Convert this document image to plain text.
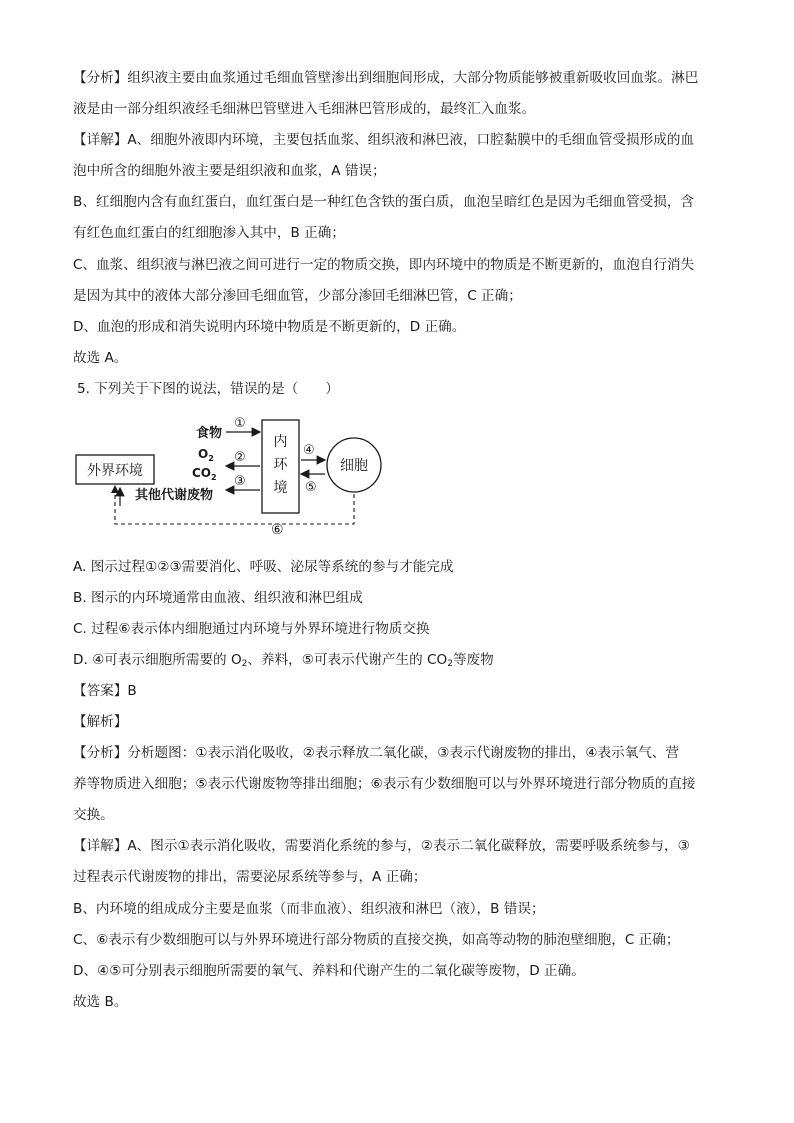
【分析】组织液主要由血浆通过毛细血管壁渗出到细胞间形成，大部分物质能够被重新吸收回血浆。淋巴
液是由一部分组织液经毛细淋巴管壁进入毛细淋巴管形成的，最终汇入血浆。
【详解】A、细胞外液即内环境，主要包括血浆、组织液和淋巴液，口腔黏膜中的毛细血管受损形成的血
泡中所含的细胞外液主要是组织液和血浆，A 错误；
B、红细胞内含有血红蛋白，血红蛋白是一种红色含铁的蛋白质，血泡呈暗红色是因为毛细血管受损，含
有红色血红蛋白的红细胞渗入其中，B 正确；
C、血浆、组织液与淋巴液之间可进行一定的物质交换，即内环境中的物质是不断更新的，血泡自行消失
是因为其中的液体大部分渗回毛细血管，少部分渗回毛细淋巴管，C 正确；
D、血泡的形成和消失说明内环境中物质是不断更新的，D 正确。
故选 A。
5. 下列关于下图的说法，错误的是（　　）
外界环境
内
环
境
细胞
食物
①
$O_2$
$CO_2$
②
③
其他代谢废物
④
⑤
⑥
A. 图示过程①②③需要消化、呼吸、泌尿等系统的参与才能完成
B. 图示的内环境通常由血液、组织液和淋巴组成
C. 过程⑥表示体内细胞通过内环境与外界环境进行物质交换
D. ④可表示细胞所需要的 $O_2$、养料，⑤可表示代谢产生的 $CO_2$等废物
【答案】B
【解析】
【分析】分析题图：①表示消化吸收，②表示释放二氧化碳，③表示代谢废物的排出，④表示氧气、营
养等物质进入细胞；⑤表示代谢废物等排出细胞；⑥表示有少数细胞可以与外界环境进行部分物质的直接
交换。
【详解】A、图示①表示消化吸收，需要消化系统的参与，②表示二氧化碳释放，需要呼吸系统参与，③
过程表示代谢废物的排出，需要泌尿系统等参与，A 正确；
B、内环境的组成成分主要是血浆（而非血液）、组织液和淋巴（液），B 错误；
C、⑥表示有少数细胞可以与外界环境进行部分物质的直接交换，如高等动物的肺泡壁细胞，C 正确；
D、④⑤可分别表示细胞所需要的氧气、养料和代谢产生的二氧化碳等废物，D 正确。
故选 B。
